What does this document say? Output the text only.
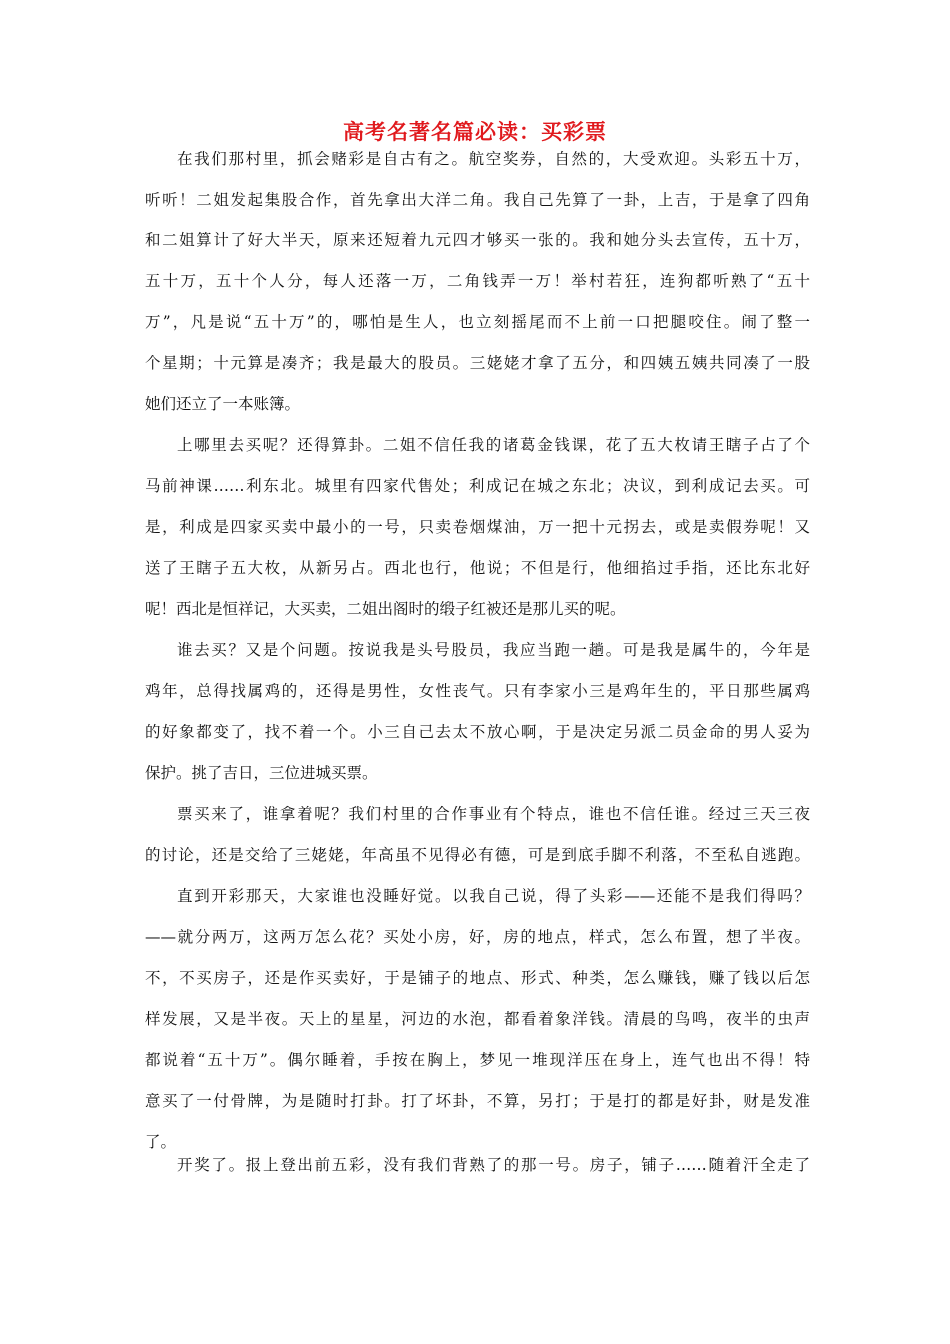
高考名著名篇必读：买彩票
在我们那村里，抓会赌彩是自古有之。航空奖券，自然的，大受欢迎。头彩五十万，
听听！二姐发起集股合作，首先拿出大洋二角。我自己先算了一卦，上吉，于是拿了四角
和二姐算计了好大半天，原来还短着九元四才够买一张的。我和她分头去宣传，五十万，
五十万，五十个人分，每人还落一万，二角钱弄一万！举村若狂，连狗都听熟了“五十
万”，凡是说“五十万”的，哪怕是生人，也立刻摇尾而不上前一口把腿咬住。闹了整一
个星期；十元算是凑齐；我是最大的股员。三姥姥才拿了五分，和四姨五姨共同凑了一股
她们还立了一本账簿。
上哪里去买呢？还得算卦。二姐不信任我的诸葛金钱课，花了五大枚请王瞎子占了个
马前神课……利东北。城里有四家代售处；利成记在城之东北；决议，到利成记去买。可
是，利成是四家买卖中最小的一号，只卖卷烟煤油，万一把十元拐去，或是卖假券呢！又
送了王瞎子五大枚，从新另占。西北也行，他说；不但是行，他细掐过手指，还比东北好
呢！西北是恒祥记，大买卖，二姐出阁时的缎子红被还是那儿买的呢。
谁去买？又是个问题。按说我是头号股员，我应当跑一趟。可是我是属牛的，今年是
鸡年，总得找属鸡的，还得是男性，女性丧气。只有李家小三是鸡年生的，平日那些属鸡
的好象都变了，找不着一个。小三自己去太不放心啊，于是决定另派二员金命的男人妥为
保护。挑了吉日，三位进城买票。
票买来了，谁拿着呢？我们村里的合作事业有个特点，谁也不信任谁。经过三天三夜
的讨论，还是交给了三姥姥，年高虽不见得必有德，可是到底手脚不利落，不至私自逃跑。
直到开彩那天，大家谁也没睡好觉。以我自己说，得了头彩——还能不是我们得吗？
——就分两万，这两万怎么花？买处小房，好，房的地点，样式，怎么布置，想了半夜。
不，不买房子，还是作买卖好，于是铺子的地点、形式、种类，怎么赚钱，赚了钱以后怎
样发展，又是半夜。天上的星星，河边的水泡，都看着象洋钱。清晨的鸟鸣，夜半的虫声
都说着“五十万”。偶尔睡着，手按在胸上，梦见一堆现洋压在身上，连气也出不得！特
意买了一付骨牌，为是随时打卦。打了坏卦，不算，另打；于是打的都是好卦，财是发准
了。
开奖了。报上登出前五彩，没有我们背熟了的那一号。房子，铺子……随着汗全走了
